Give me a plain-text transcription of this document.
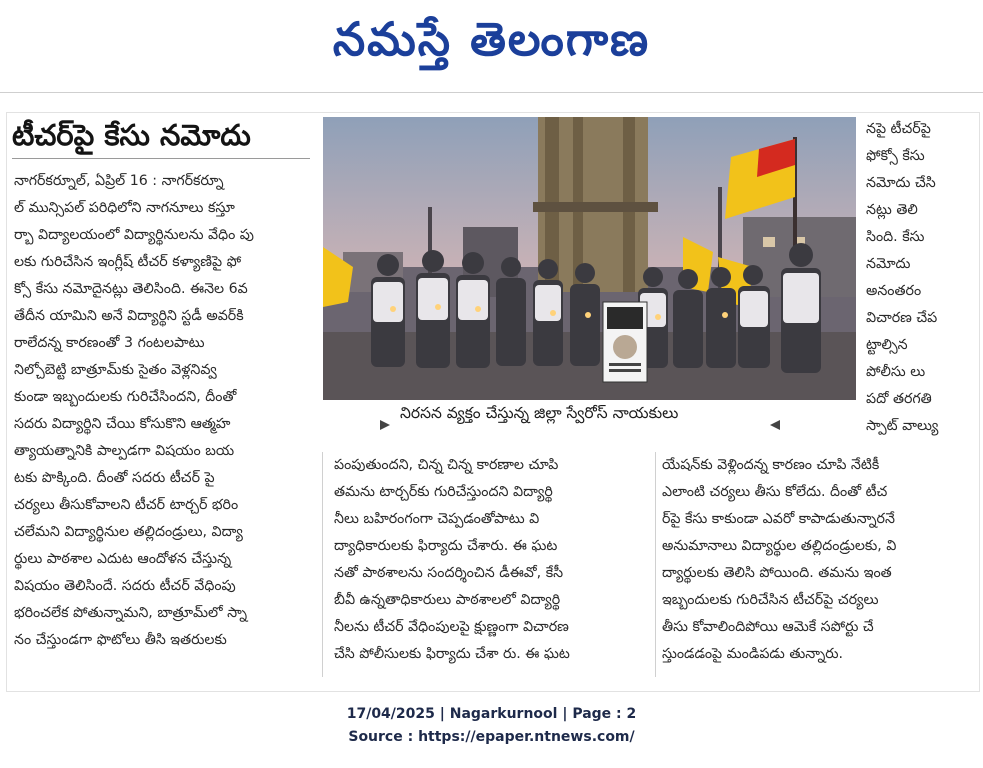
నమస్తే తెలంగాణ
టీచర్‌పై కేసు నమోదు
నాగర్‌కర్నూల్‌, ఏప్రిల్‌ 16 : నాగర్‌కర్నూ
ల్‌ మున్సిపల్‌ పరిధిలోని నాగనూలు కస్తూ
ర్బా విద్యాలయంలో విద్యార్థినులను వేధిం పు
లకు గురిచేసిన ఇంగ్లీష్‌ టీచర్‌ కళ్యాణిపై ఫో
క్సో కేసు నమోదైనట్లు తెలిసింది. ఈనెల 6వ
తేదీన యామిని అనే విద్యార్థిని స్టడీ అవర్‌కి
రాలేదన్న కారణంతో 3 గంటలపాటు
నిల్చోబెట్టి బాత్రూమ్‌కు సైతం వెళ్లనివ్వ
కుండా ఇబ్బందులకు గురిచేసిందని, దీంతో
సదరు విద్యార్థిని చేయి కోసుకొని ఆత్మహ
త్యాయత్నానికి పాల్పడగా విషయం బయ
టకు పొక్కింది. దీంతో సదరు టీచర్‌ పై
చర్యలు తీసుకోవాలని టీచర్‌ టార్చర్‌ భరిం
చలేమని విద్యార్థినుల తల్లిదండ్రులు, విద్యా
ర్థులు పాఠశాల ఎదుట ఆందోళన చేస్తున్న
విషయం తెలిసిందే. సదరు టీచర్‌ వేధింపు
భరించలేక పోతున్నామని, బాత్రూమ్‌లో స్నా
నం చేస్తుండగా ఫొటోలు తీసి ఇతరులకు
పంపుతుందని, చిన్న చిన్న కారణాల చూపి
తమను టార్చర్‌కు గురిచేస్తుందని విద్యార్థి
నీలు బహిరంగంగా చెప్పడంతోపాటు వి
ద్యాధికారులకు ఫిర్యాదు చేశారు. ఈ ఘట
నతో పాఠశాలను సందర్శించిన డీఈవో, కేసీ
బీవీ ఉన్నతాధికారులు పాఠశాలలో విద్యార్థి
నీలను టీచర్‌ వేధింపులపై క్షుణ్ణంగా విచారణ
చేసి పోలీసులకు ఫిర్యాదు చేశా రు. ఈ ఘట
యేషన్‌కు వెళ్లిందన్న కారణం చూపి నేటికీ
ఎలాంటి చర్యలు తీసు కోలేదు. దీంతో టీచ
ర్‌పై కేసు కాకుండా ఎవరో కాపాడుతున్నారనే
అనుమానాలు విద్యార్థుల తల్లిదండ్రులకు, వి
ద్యార్థులకు తెలిసి పోయింది. తమను ఇంత
ఇబ్బందులకు గురిచేసిన టీచర్‌పై చర్యలు
తీసు కోవాలిందిపోయి ఆమెకే సపోర్టు చే
స్తుండడంపై మండిపడు తున్నారు.
నపై టీచర్‌పై
ఫోక్సో కేసు
నమోదు చేసి
నట్లు తెలి
సింది. కేసు
నమోదు
అనంతరం
విచారణ చేప
ట్టాల్సిన
పోలీసు లు
పదో తరగతి
స్పాట్‌ వాల్యు
నిరసన వ్యక్తం చేస్తున్న జిల్లా స్వేరోస్‌ నాయకులు
17/04/2025 | Nagarkurnool | Page : 2
Source : https://epaper.ntnews.com/
